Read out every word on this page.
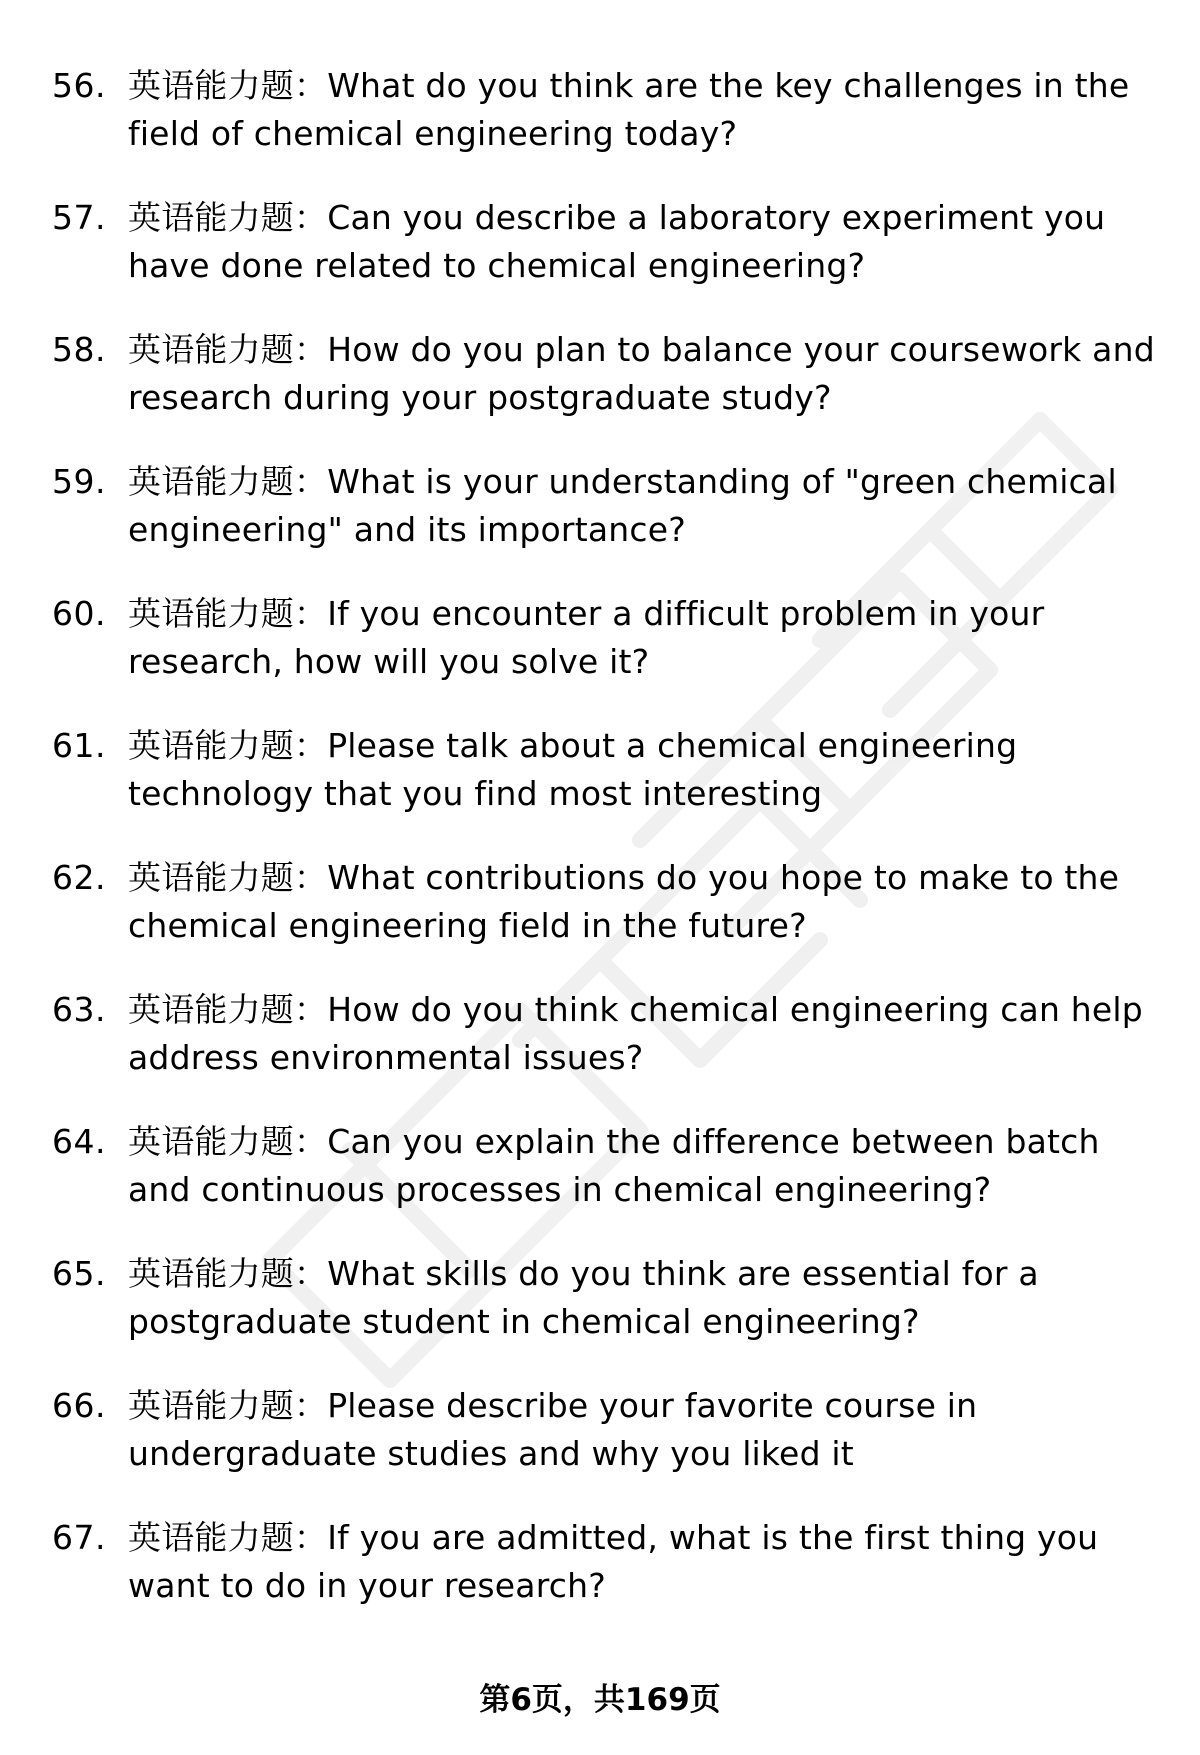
56. 英语能力题：What do you think are the key challenges in the field of chemical engineering today?
57. 英语能力题：Can you describe a laboratory experiment you have done related to chemical engineering?
58. 英语能力题：How do you plan to balance your coursework and research during your postgraduate study?
59. 英语能力题：What is your understanding of "green chemical engineering" and its importance?
60. 英语能力题：If you encounter a difficult problem in your research, how will you solve it?
61. 英语能力题：Please talk about a chemical engineering technology that you find most interesting
62. 英语能力题：What contributions do you hope to make to the chemical engineering field in the future?
63. 英语能力题：How do you think chemical engineering can help address environmental issues?
64. 英语能力题：Can you explain the difference between batch and continuous processes in chemical engineering?
65. 英语能力题：What skills do you think are essential for a postgraduate student in chemical engineering?
66. 英语能力题：Please describe your favorite course in undergraduate studies and why you liked it
67. 英语能力题：If you are admitted, what is the first thing you want to do in your research?
第6页，共169页
